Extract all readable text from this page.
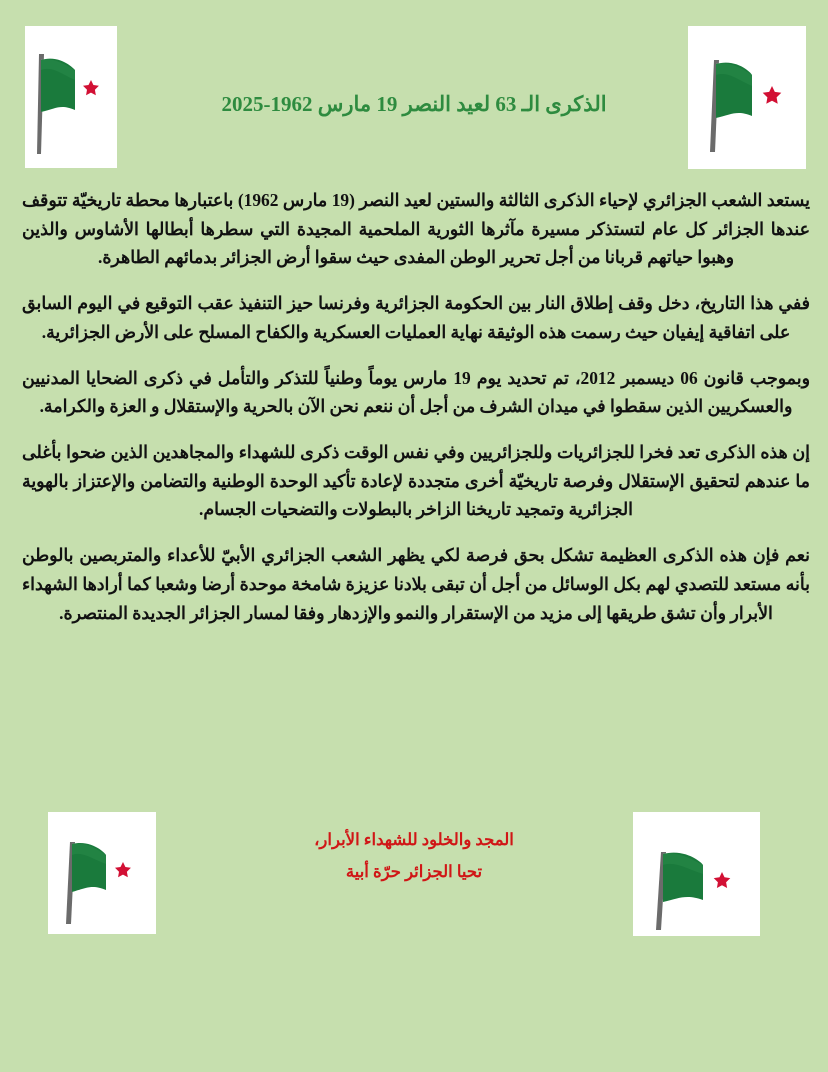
الذكرى الـ 63 لعيد النصر 19 مارس 1962-2025

يستعد الشعب الجزائري لإحياء الذكرى الثالثة والستين لعيد النصر (19 مارس 1962) باعتبارها محطة تاريخيّة تتوقف عندها الجزائر كل عام لتستذكر مسيرة مآثرها الثورية الملحمية المجيدة التي سطرها أبطالها الأشاوس والذين وهبوا حياتهم قربانا من أجل تحرير الوطن المفدى حيث سقوا أرض الجزائر بدمائهم الطاهرة.

ففي هذا التاريخ، دخل وقف إطلاق النار بين الحكومة الجزائرية وفرنسا حيز التنفيذ عقب التوقيع في اليوم السابق على اتفاقية إيفيان حيث رسمت هذه الوثيقة نهاية العمليات العسكرية والكفاح المسلح على الأرض الجزائرية.

وبموجب قانون 06 ديسمبر 2012، تم تحديد يوم 19 مارس يوماً وطنياً للتذكر والتأمل في ذكرى الضحايا المدنيين والعسكريين الذين سقطوا في ميدان الشرف من أجل أن ننعم نحن الآن بالحرية والإستقلال و العزة والكرامة.

إن هذه الذكرى تعد فخرا للجزائريات وللجزائريين وفي نفس الوقت ذكرى للشهداء والمجاهدين الذين ضحوا بأغلى ما عندهم لتحقيق الإستقلال وفرصة تاريخيّة أخرى متجددة لإعادة تأكيد الوحدة الوطنية والتضامن والإعتزاز بالهوية الجزائرية وتمجيد تاريخنا الزاخر بالبطولات والتضحيات الجسام.

نعم فإن هذه الذكرى العظيمة تشكل بحق فرصة لكي يظهر الشعب الجزائري الأبيّ للأعداء والمتربصين بالوطن بأنه مستعد للتصدي لهم بكل الوسائل من أجل أن تبقى بلادنا عزيزة شامخة موحدة أرضا وشعبا كما أرادها الشهداء الأبرار وأن تشق طريقها إلى مزيد من الإستقرار والنمو والإزدهار وفقا لمسار الجزائر الجديدة المنتصرة.

المجد والخلود للشهداء الأبرار،
تحيا الجزائر حرّة أبية
